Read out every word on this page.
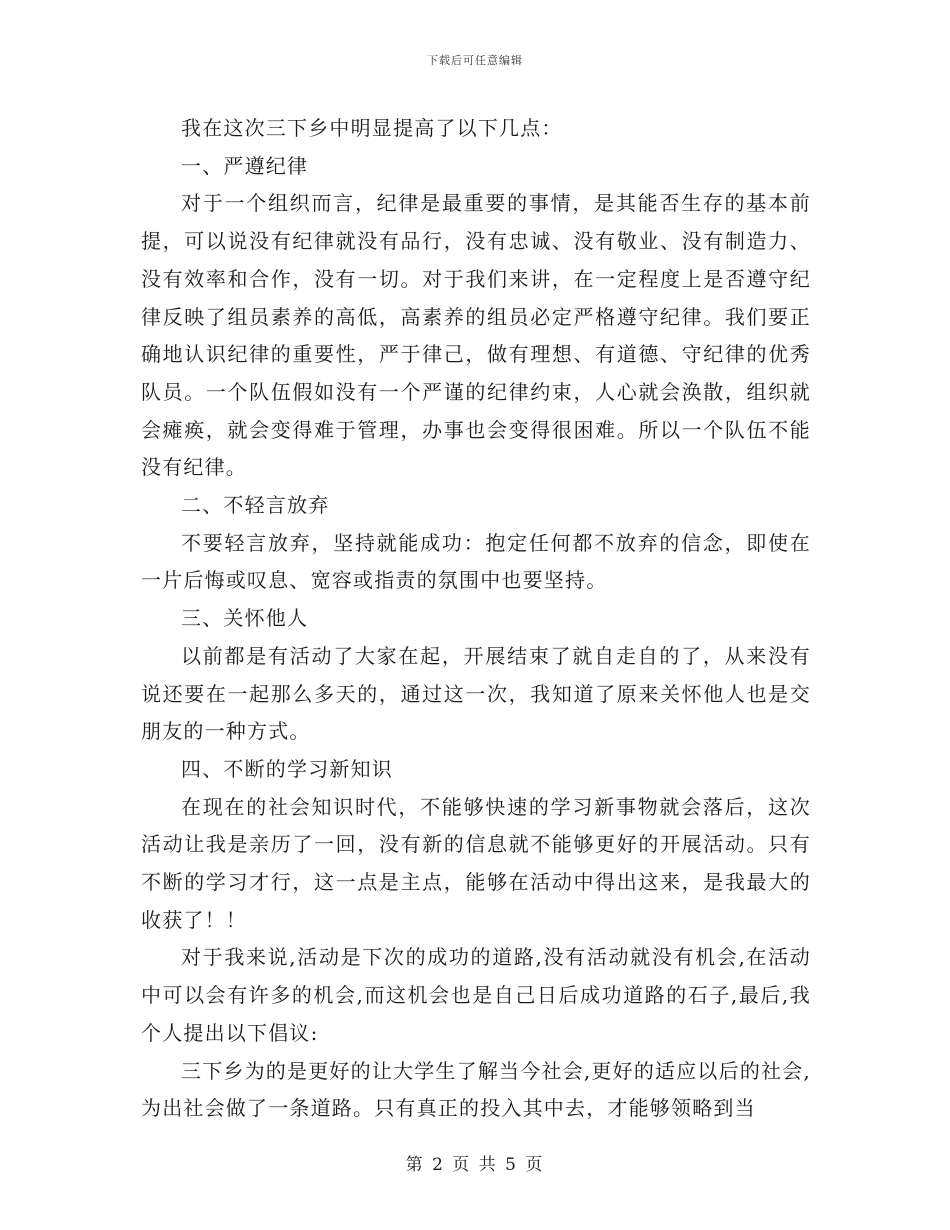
下载后可任意编辑

我在这次三下乡中明显提高了以下几点：

一、严遵纪律

对于一个组织而言，纪律是最重要的事情，是其能否生存的基本前提，可以说没有纪律就没有品行，没有忠诚、没有敬业、没有制造力、没有效率和合作，没有一切。对于我们来讲，在一定程度上是否遵守纪律反映了组员素养的高低，高素养的组员必定严格遵守纪律。我们要正确地认识纪律的重要性，严于律己，做有理想、有道德、守纪律的优秀队员。一个队伍假如没有一个严谨的纪律约束，人心就会涣散，组织就会瘫痪，就会变得难于管理，办事也会变得很困难。所以一个队伍不能没有纪律。

二、不轻言放弃

不要轻言放弃，坚持就能成功：抱定任何都不放弃的信念，即使在一片后悔或叹息、宽容或指责的氛围中也要坚持。

三、关怀他人

以前都是有活动了大家在起，开展结束了就自走自的了，从来没有说还要在一起那么多天的，通过这一次，我知道了原来关怀他人也是交朋友的一种方式。

四、不断的学习新知识

在现在的社会知识时代，不能够快速的学习新事物就会落后，这次活动让我是亲历了一回，没有新的信息就不能够更好的开展活动。只有不断的学习才行，这一点是主点，能够在活动中得出这来，是我最大的收获了！！

对于我来说,活动是下次的成功的道路,没有活动就没有机会,在活动中可以会有许多的机会,而这机会也是自己日后成功道路的石子,最后,我个人提出以下倡议:

三下乡为的是更好的让大学生了解当今社会,更好的适应以后的社会,为出社会做了一条道路。只有真正的投入其中去，才能够领略到当

第 2 页 共 5 页
